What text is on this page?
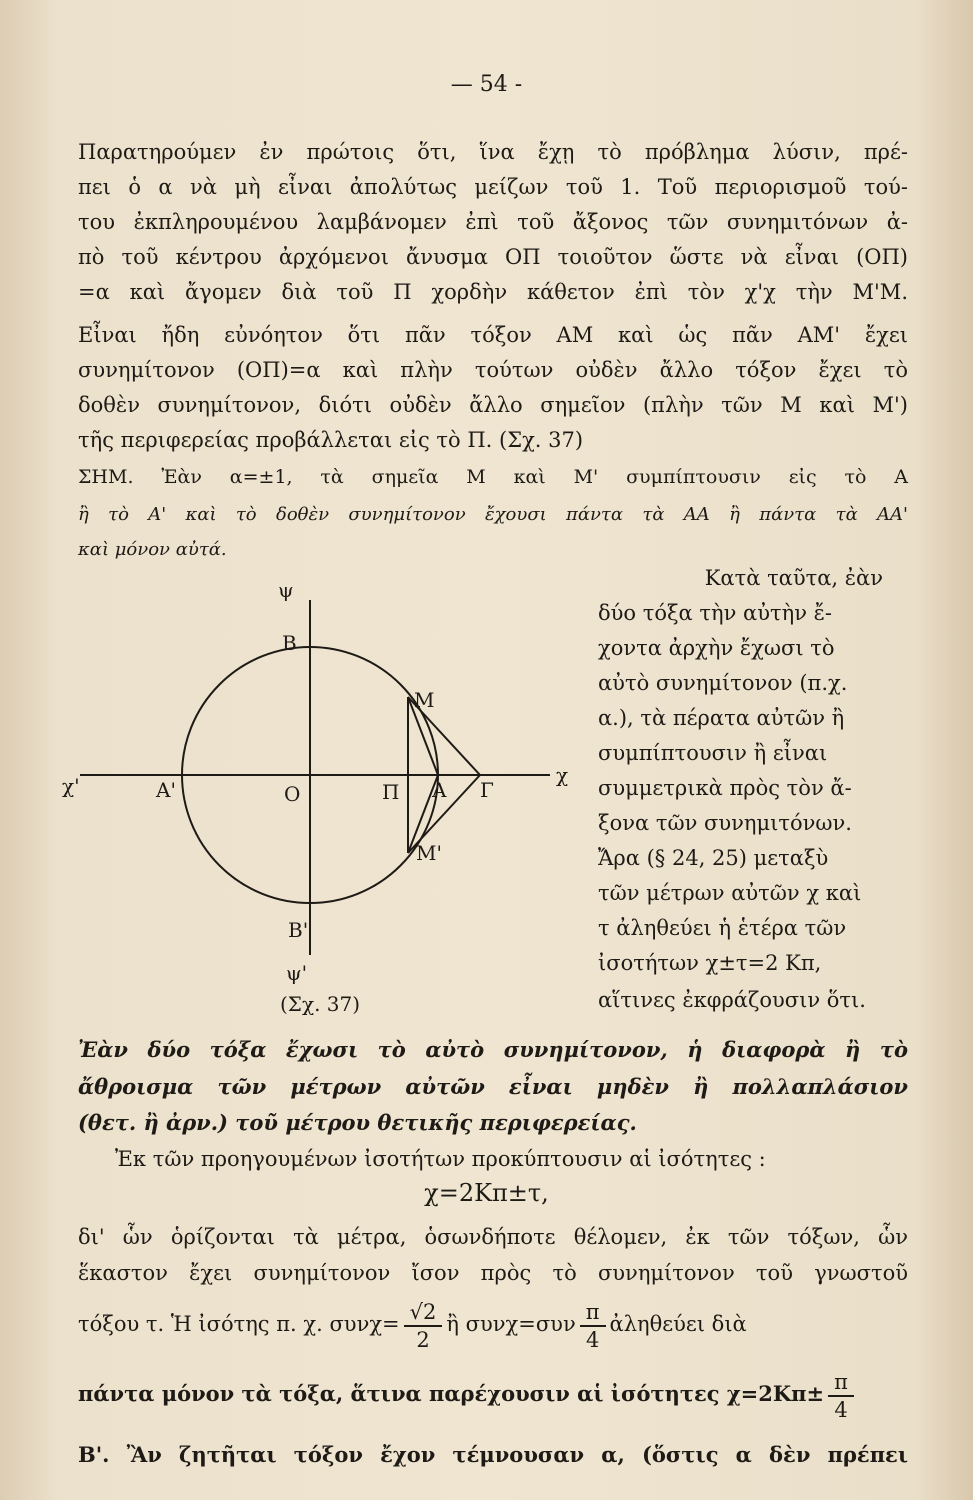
— 54 -
Παρατηρούμεν ἐν πρώτοις ὅτι, ἵνα ἔχῃ τὸ πρόβλημα λύσιν, πρέ-
πει ὁ α νὰ μὴ εἶναι ἀπολύτως μείζων τοῦ 1. Τοῦ περιορισμοῦ τού-
του ἐκπληρουμένου λαμβάνομεν ἐπὶ τοῦ ἄξονος τῶν συνημιτόνων ἀ-
πὸ τοῦ κέντρου ἀρχόμενοι ἄνυσμα ΟΠ τοιοῦτον ὥστε νὰ εἶναι (ΟΠ)
=α καὶ ἄγομεν διὰ τοῦ Π χορδὴν κάθετον ἐπὶ τὸν χ'χ τὴν Μ'Μ.
Εἶναι ἤδη εὐνόητον ὅτι πᾶν τόξον ΑΜ καὶ ὡς πᾶν ΑΜ' ἔχει
συνημίτονον (ΟΠ)=α καὶ πλὴν τούτων οὐδὲν ἄλλο τόξον ἔχει τὸ
δοθὲν συνημίτονον, διότι οὐδὲν ἄλλο σημεῖον (πλὴν τῶν Μ καὶ Μ')
τῆς περιφερείας προβάλλεται εἰς τὸ Π. (Σχ. 37)
ΣΗΜ. Ἐὰν α=±1, τὰ σημεῖα Μ καὶ Μ' συμπίπτουσιν εἰς τὸ Α
ἢ τὸ Α' καὶ τὸ δοθὲν συνημίτονον ἔχουσι πάντα τὰ ΑΑ ἢ πάντα τὰ ΑΑ'
καὶ μόνον αὐτά.
ψ
Β
χ'	χ
Α'	Ο	Π Α Γ
Μ
Μ'
Β'
ψ'
(Σχ. 37)
Κατὰ ταῦτα, ἐὰν
δύο τόξα τὴν αὐτὴν ἔ-
χοντα ἀρχὴν ἔχωσι τὸ
αὐτὸ συνημίτονον (π.χ.
α.), τὰ πέρατα αὐτῶν ἢ
συμπίπτουσιν ἢ εἶναι
συμμετρικὰ πρὸς τὸν ἄ-
ξονα τῶν συνημιτόνων.
Ἄρα (§ 24, 25) μεταξὺ
τῶν μέτρων αὐτῶν χ καὶ
τ ἀληθεύει ἡ ἑτέρα τῶν
ἰσοτήτων χ±τ=2 Κπ,
αἵτινες ἐκφράζουσιν ὅτι.
Ἐὰν δύο τόξα ἔχωσι τὸ αὐτὸ συνημίτονον, ἡ διαφορὰ ἢ τὸ
ἄθροισμα τῶν μέτρων αὐτῶν εἶναι μηδὲν ἢ πολλαπλάσιον
(θετ. ἢ ἀρν.) τοῦ μέτρου θετικῆς περιφερείας.
Ἐκ τῶν προηγουμένων ἰσοτήτων προκύπτουσιν αἱ ἰσότητες :
χ=2Κπ±τ,
δι' ὧν ὁρίζονται τὰ μέτρα, ὁσωνδήποτε θέλομεν, ἐκ τῶν τόξων, ὧν
ἕκαστον ἔχει συνημίτονον ἴσον πρὸς τὸ συνημίτονον τοῦ γνωστοῦ
τόξου τ. Ἡ ἰσότης π. χ. $\sigma\upsilon\nu\chi= \frac{√2}{2}$ ἢ $\sigma\upsilon\nu\chi=\sigma\upsilon\nu \frac{\pi}{4}$ ἀληθεύει διὰ
πάντα μόνον τὰ τόξα, ἅτινα παρέχουσιν αἱ ἰσότητες $\chi=2K\pi\pm \frac{\pi}{4}$
Β'. Ἂν ζητῆται τόξον ἔχον τέμνουσαν α, (ὅστις α δὲν πρέπει
